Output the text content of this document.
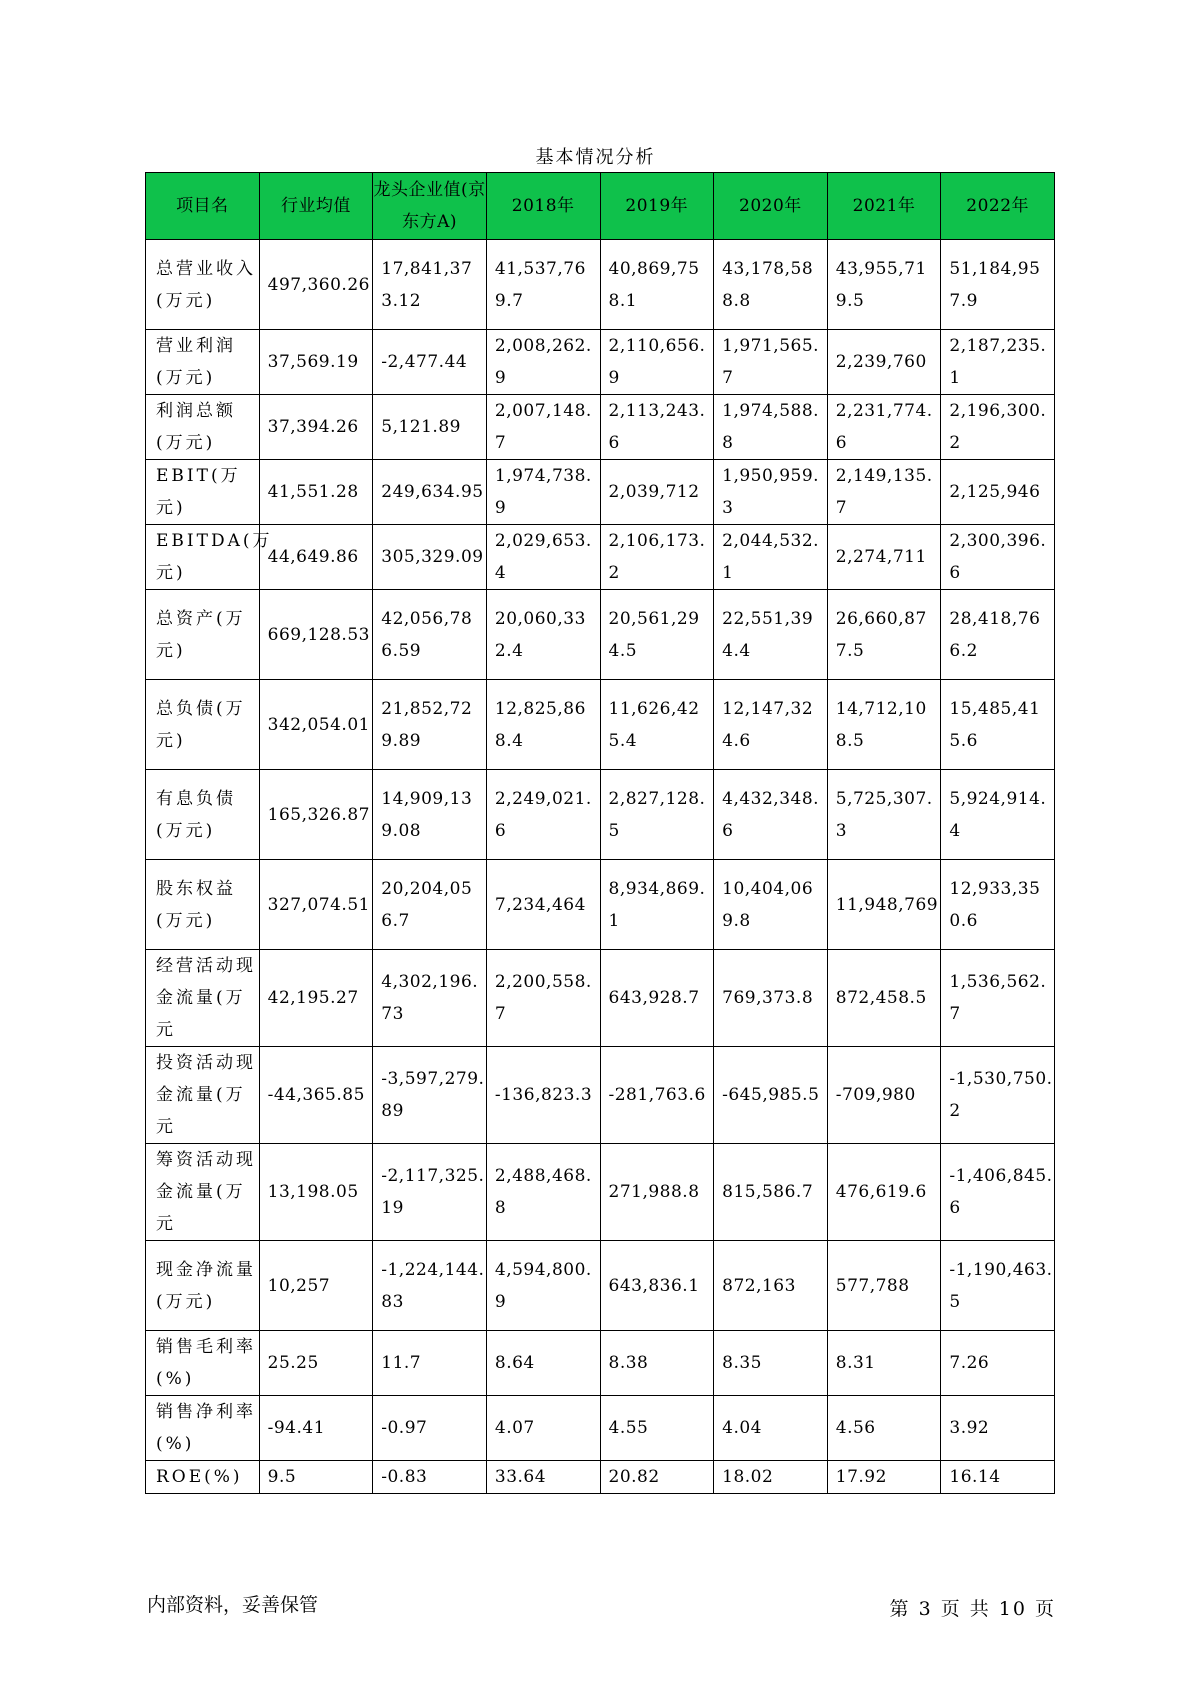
基本情况分析
项目名	行业均值	龙头企业值(京东方A)	2018年	2019年	2020年	2021年	2022年
总营业收入(万元)	497,360.26	17,841,373.12	41,537,769.7	40,869,758.1	43,178,588.8	43,955,719.5	51,184,957.9
营业利润(万元)	37,569.19	-2,477.44	2,008,262.9	2,110,656.9	1,971,565.7	2,239,760	2,187,235.1
利润总额(万元)	37,394.26	5,121.89	2,007,148.7	2,113,243.6	1,974,588.8	2,231,774.6	2,196,300.2
EBIT(万元)	41,551.28	249,634.95	1,974,738.9	2,039,712	1,950,959.3	2,149,135.7	2,125,946
EBITDA(万元)	44,649.86	305,329.09	2,029,653.4	2,106,173.2	2,044,532.1	2,274,711	2,300,396.6
总资产(万元)	669,128.53	42,056,786.59	20,060,332.4	20,561,294.5	22,551,394.4	26,660,877.5	28,418,766.2
总负债(万元)	342,054.01	21,852,729.89	12,825,868.4	11,626,425.4	12,147,324.6	14,712,108.5	15,485,415.6
有息负债(万元)	165,326.87	14,909,139.08	2,249,021.6	2,827,128.5	4,432,348.6	5,725,307.3	5,924,914.4
股东权益(万元)	327,074.51	20,204,056.7	7,234,464	8,934,869.1	10,404,069.8	11,948,769	12,933,350.6
经营活动现金流量(万元	42,195.27	4,302,196.73	2,200,558.7	643,928.7	769,373.8	872,458.5	1,536,562.7
投资活动现金流量(万元	-44,365.85	-3,597,279.89	-136,823.3	-281,763.6	-645,985.5	-709,980	-1,530,750.2
筹资活动现金流量(万元	13,198.05	-2,117,325.19	2,488,468.8	271,988.8	815,586.7	476,619.6	-1,406,845.6
现金净流量(万元)	10,257	-1,224,144.83	4,594,800.9	643,836.1	872,163	577,788	-1,190,463.5
销售毛利率(%)	25.25	11.7	8.64	8.38	8.35	8.31	7.26
销售净利率(%)	-94.41	-0.97	4.07	4.55	4.04	4.56	3.92
ROE(%)	9.5	-0.83	33.64	20.82	18.02	17.92	16.14
内部资料，妥善保管	第 3 页 共 10 页
